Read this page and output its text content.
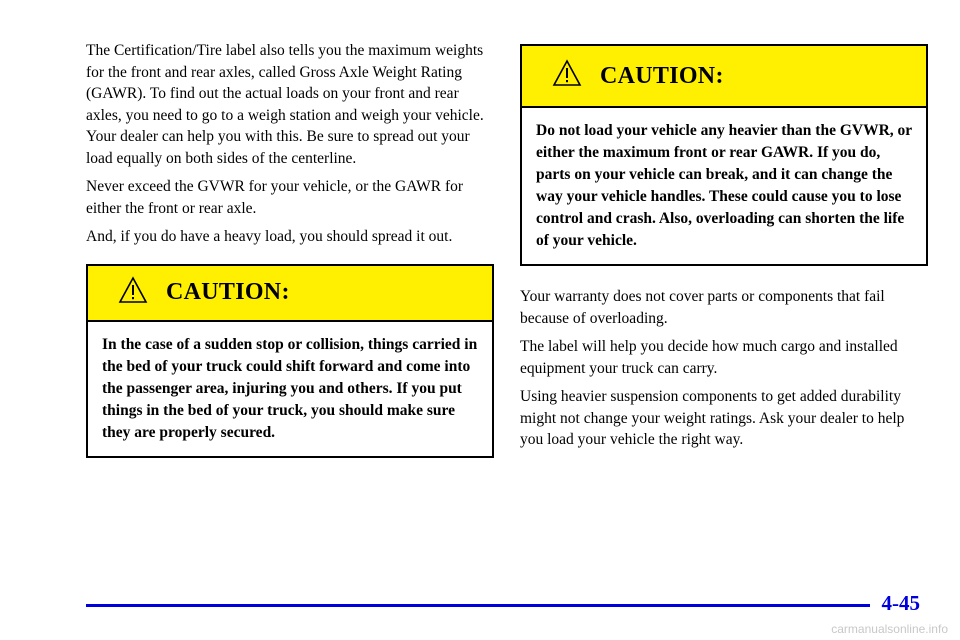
The Certification/Tire label also tells you the maximum weights for the front and rear axles, called Gross Axle Weight Rating (GAWR). To find out the actual loads on your front and rear axles, you need to go to a weigh station and weigh your vehicle. Your dealer can help you with this. Be sure to spread out your load equally on both sides of the centerline.

Never exceed the GVWR for your vehicle, or the GAWR for either the front or rear axle.

And, if you do have a heavy load, you should spread it out.

CAUTION:
In the case of a sudden stop or collision, things carried in the bed of your truck could shift forward and come into the passenger area, injuring you and others. If you put things in the bed of your truck, you should make sure they are properly secured.
CAUTION:
Do not load your vehicle any heavier than the GVWR, or either the maximum front or rear GAWR. If you do, parts on your vehicle can break, and it can change the way your vehicle handles. These could cause you to lose control and crash. Also, overloading can shorten the life of your vehicle.

Your warranty does not cover parts or components that fail because of overloading.

The label will help you decide how much cargo and installed equipment your truck can carry.

Using heavier suspension components to get added durability might not change your weight ratings. Ask your dealer to help you load your vehicle the right way.

4-45
carmanualsonline.info
